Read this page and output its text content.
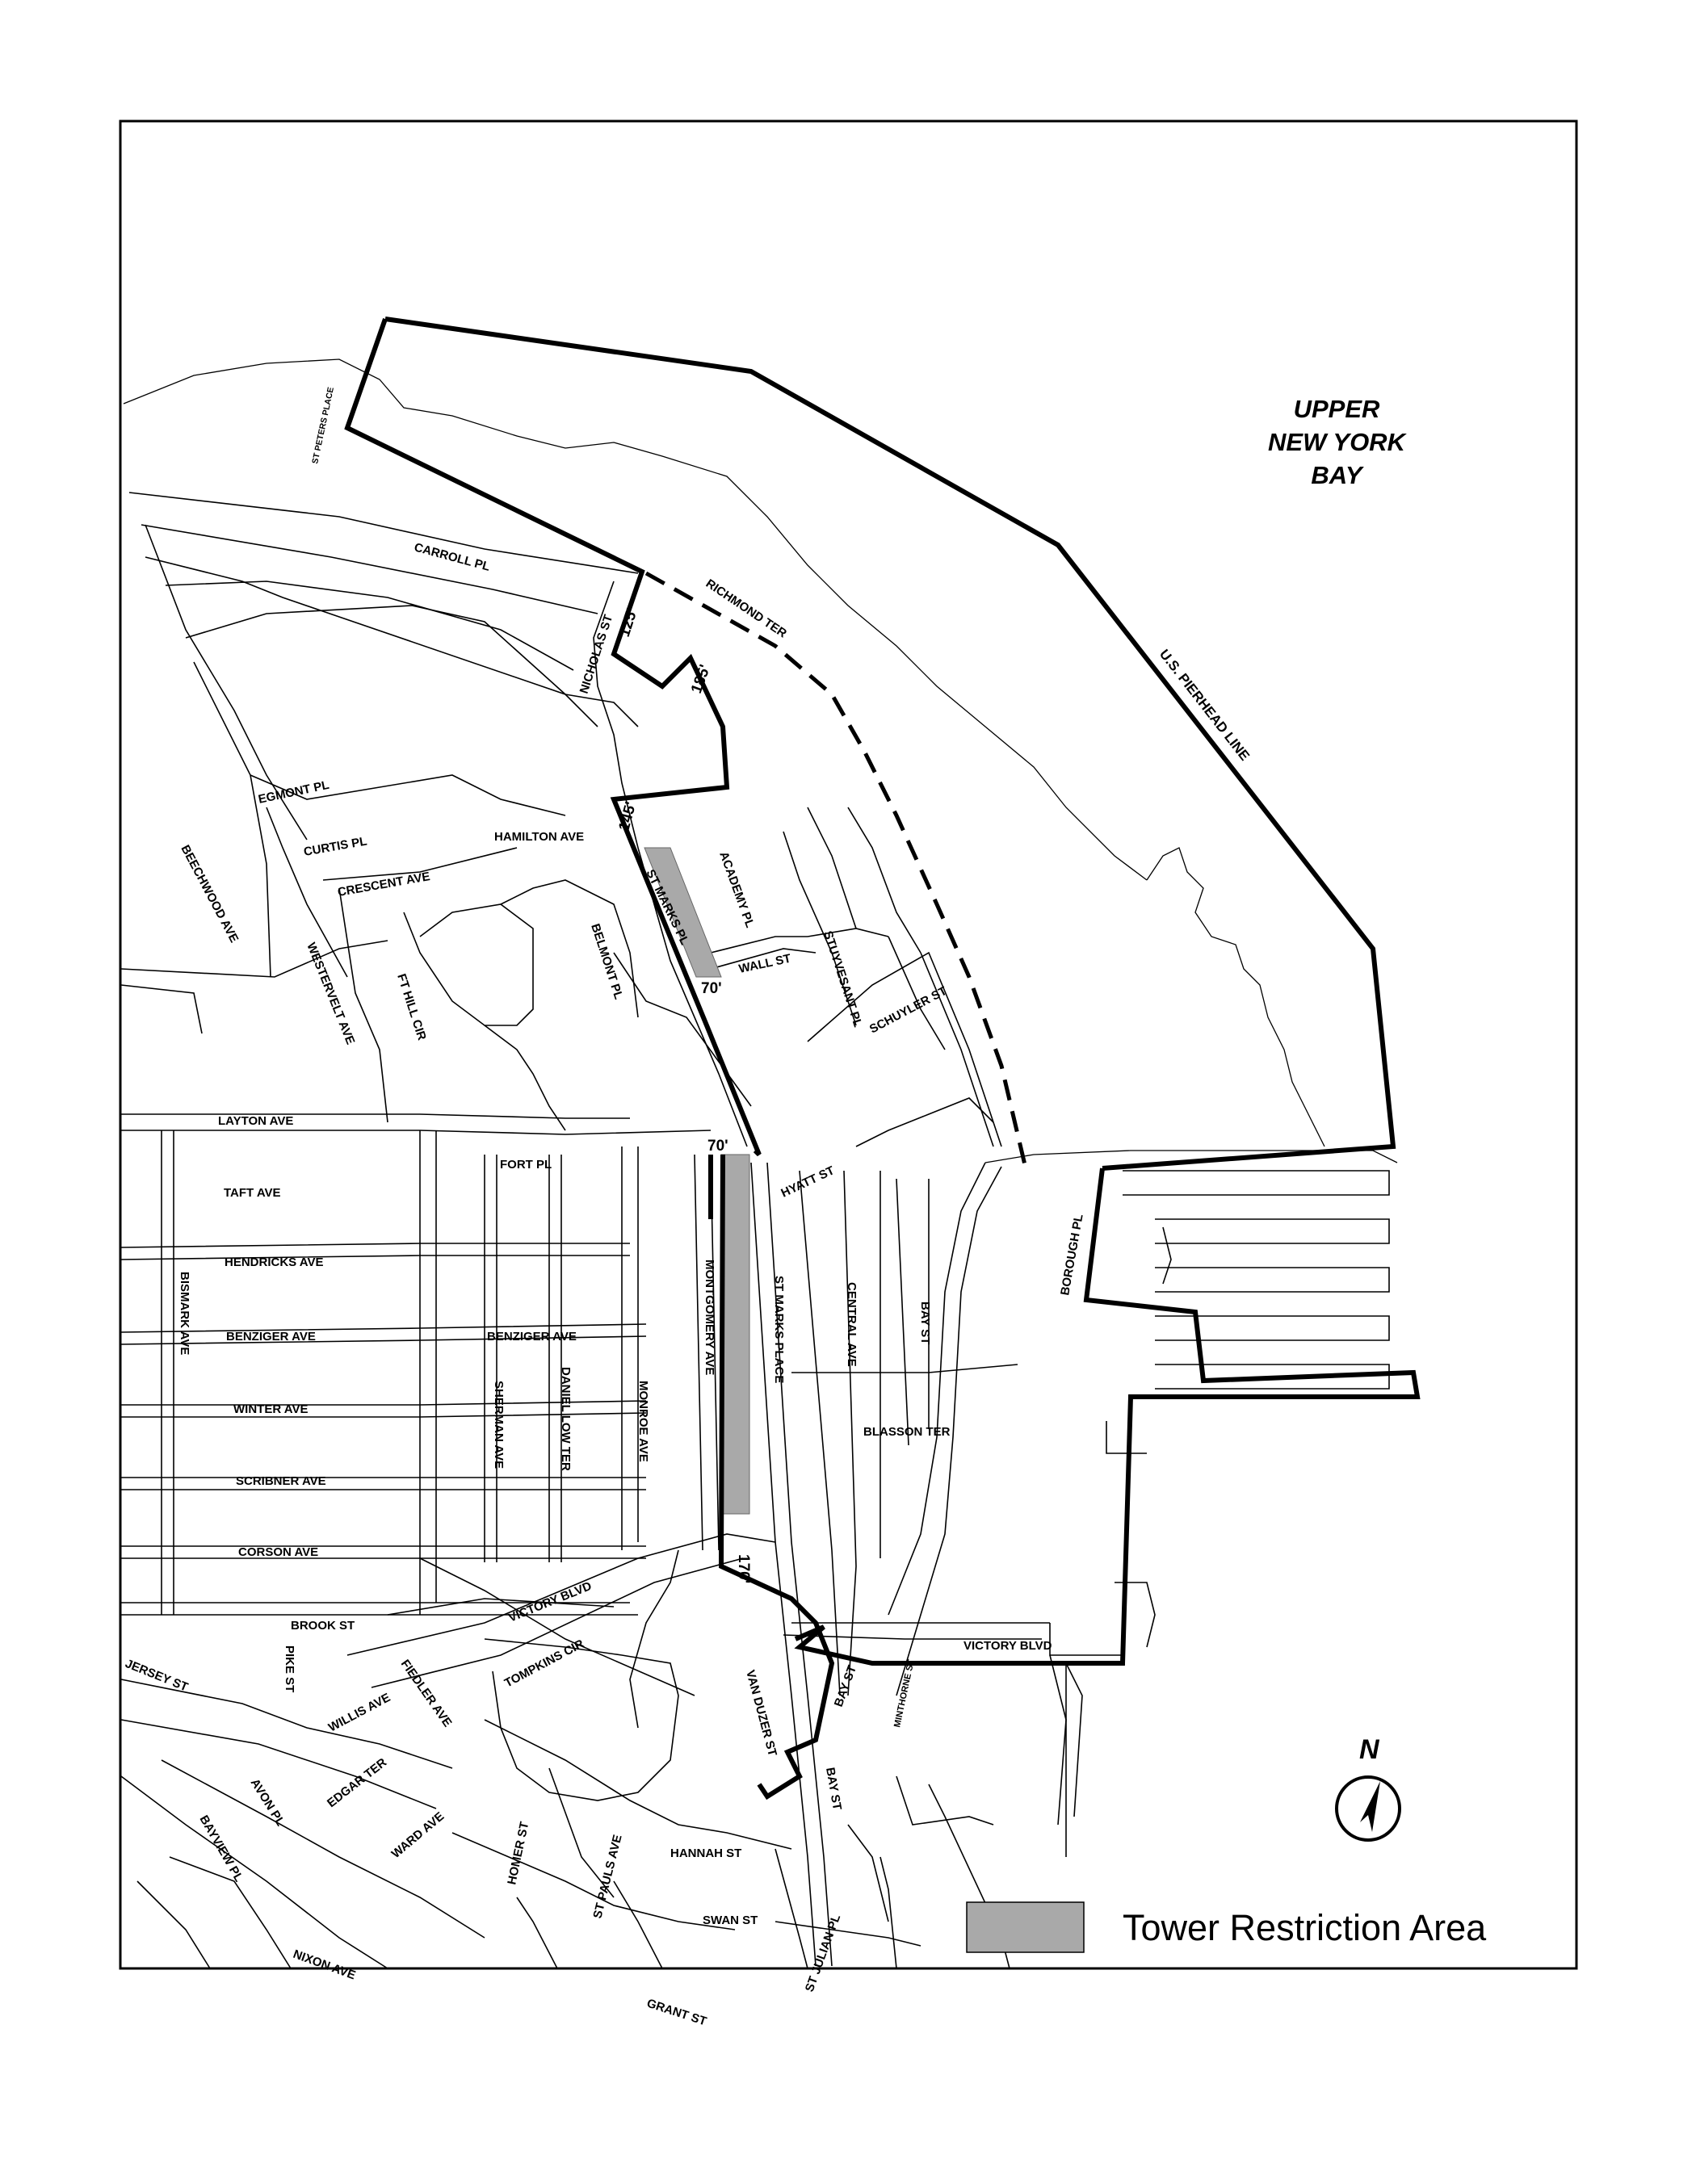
125'
185'
145'
70'
70'
170'
UPPER
NEW YORK
BAY
U.S. PIERHEAD LINE
ST PETERS PLACE
CARROLL PL
RICHMOND TER
NICHOLAS ST
EGMONT PL
CURTIS PL	HAMILTON AVE
BEECHWOOD AVE	CRESCENT AVE
WESTERVELT AVE	FT HILL CIR
BELMONT PL
ST MARKS PL ACADEMY PL
WALL ST STUYVESANT PL SCHUYLER ST
LAYTON AVE
FORT PL
TAFT AVE
HENDRICKS AVE
BISMARK AVE	BENZIGER AVE	BENZIGER AVE
WINTER AVE
SCRIBNER AVE
CORSON AVE
SHERMAN AVE	DANIEL LOW TER	MONROE AVE
MONTGOMERY AVE	ST MARKS PLACE
HYATT ST
CENTRAL AVE	BAY ST
BLASSON TER
BOROUGH PL
VICTORY BLVD
VICTORY BLVD
BROOK ST
PIKE ST
JERSEY ST
WILLIS AVE FIEDLER AVE	TOMPKINS CIR
AVON PL	EDGAR TER
WARD AVE
BAYVIEW PL
VAN DUZER ST	BAY ST
BAY ST
MINTHORNE ST
HANNAH ST
SWAN ST
HOMER ST	ST PAULS AVE
ST JULIAN PL
GRANT ST
NIXON AVE
N
Tower Restriction Area
